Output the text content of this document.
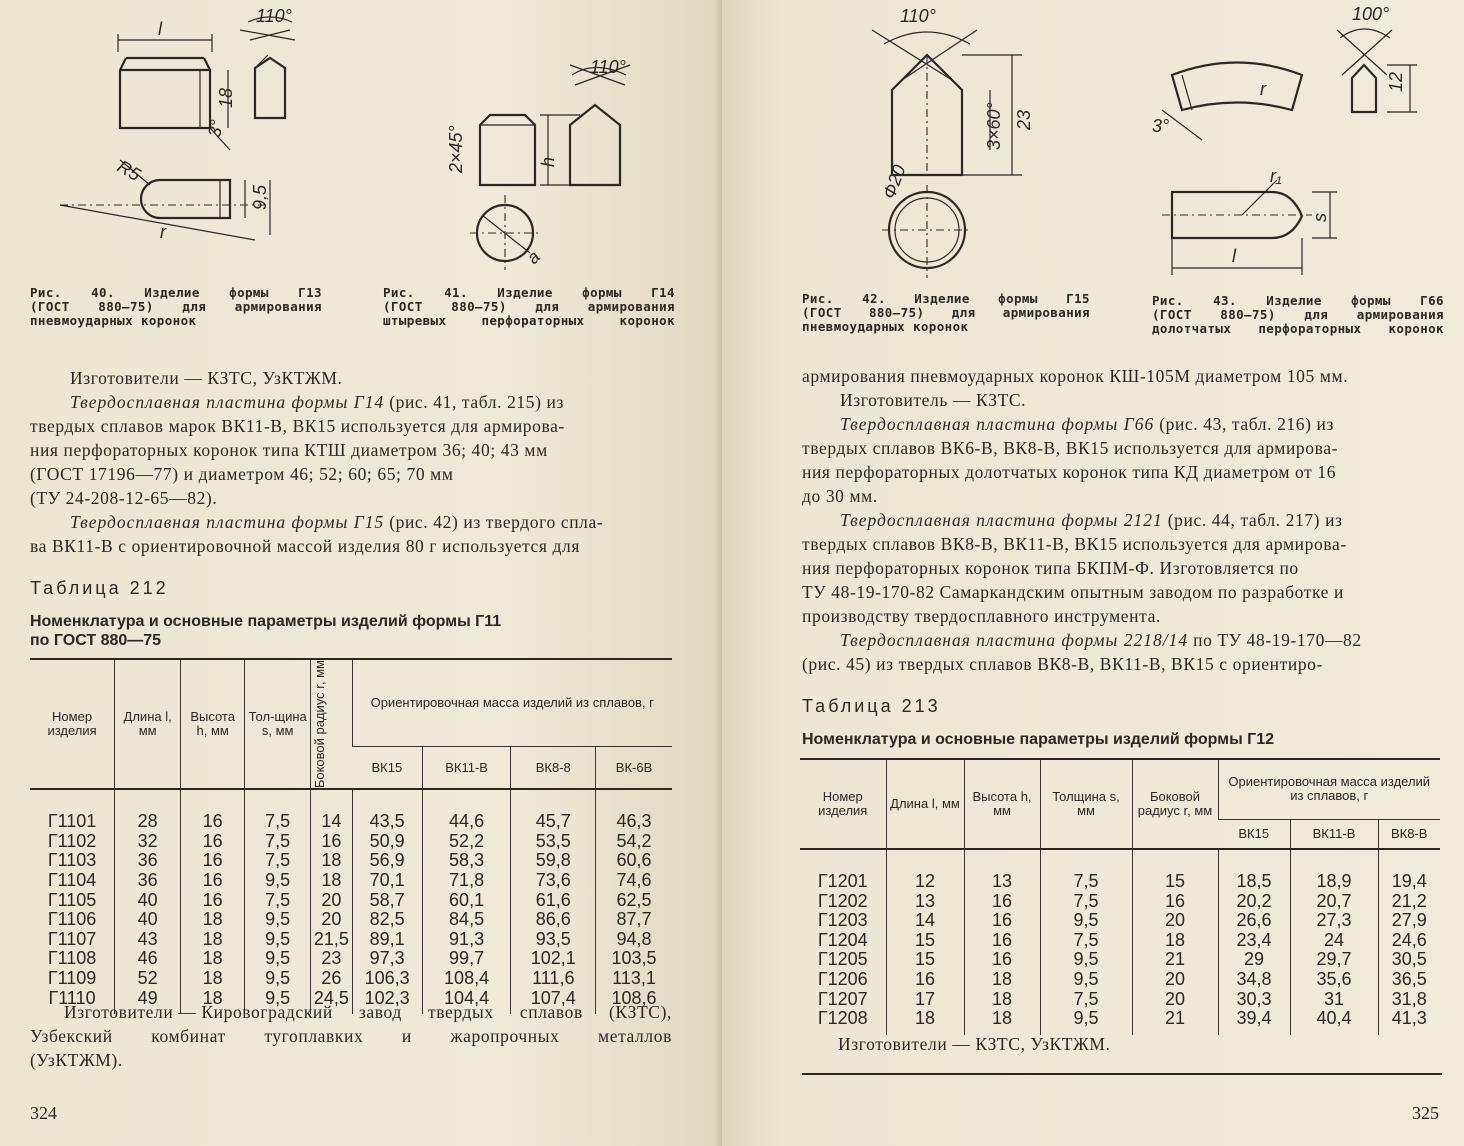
l
110°
18
3°
R5
9,5
r
Рис. 40. Изделие формы Г13
(ГОСТ 880—75) для армирования
пневмоударных коронок
110°
2×45°	h
a
Рис. 41. Изделие формы Г14
(ГОСТ 880—75) для армирования
штыревых	перфораторных	коронок
Изготовители — КЗТС, УзКТЖМ.
Твердосплавная пластина формы Г14 (рис. 41, табл. 215) из
твердых сплавов марок ВК11-В, ВК15 используется для армирова-
ния перфораторных коронок типа КТШ диаметром 36; 40; 43 мм
(ГОСТ 17196—77) и диаметром 46; 52; 60; 65; 70 мм
(ТУ 24-208-12-65—82).
Твердосплавная пластина формы Г15 (рис. 42) из твердого спла-
ва ВК11-В с ориентировочной массой изделия 80 г используется для
Таблица 212
Номенклатура и основные параметры изделий формы Г11
по ГОСТ 880—75
Номер изделия	Длина l, мм	Высота h, мм	Тол-щина s, мм	Боковой радиус r, мм	Ориентировочная масса изделий из сплавов, г			
					ВК15	ВК11-В	ВК8-8	ВК-6В
Г1101	28	16	7,5	14	43,5	44,6	45,7	46,3
Г1102	32	16	7,5	16	50,9	52,2	53,5	54,2
Г1103	36	16	7,5	18	56,9	58,3	59,8	60,6
Г1104	36	16	9,5	18	70,1	71,8	73,6	74,6
Г1105	40	16	7,5	20	58,7	60,1	61,6	62,5
Г1106	40	18	9,5	20	82,5	84,5	86,6	87,7
Г1107	43	18	9,5	21,5	89,1	91,3	93,5	94,8
Г1108	46	18	9,5	23	97,3	99,7	102,1	103,5
Г1109	52	18	9,5	26	106,3	108,4	111,6	113,1
Г1110	49	18	9,5	24,5	102,3	104,4	107,4	108,6
Изготовители — Кировоградский завод твердых сплавов (КЗТС),
Узбекский комбинат тугоплавких и жаропрочных металлов
(УзКТЖМ).
324
110°
3×60° 23
Ф20
Рис. 42. Изделие формы Г15
(ГОСТ 880—75) для армирования
пневмоударных коронок
100°
12
3°
r
r₁
s
l
Рис. 43. Изделие формы Г66
(ГОСТ 880—75) для армирования
долотчатых перфораторных коронок
армирования пневмоударных коронок КШ-105М диаметром 105 мм.
Изготовитель — КЗТС.
Твердосплавная пластина формы Г66 (рис. 43, табл. 216) из
твердых сплавов ВК6-В, ВК8-В, ВК15 используется для армирова-
ния перфораторных долотчатых коронок типа КД диаметром от 16
до 30 мм.
Твердосплавная пластина формы 2121 (рис. 44, табл. 217) из
твердых сплавов ВК8-В, ВК11-В, ВК15 используется для армирова-
ния перфораторных коронок типа БКПМ-Ф. Изготовляется по
ТУ 48-19-170-82 Самаркандским опытным заводом по разработке и
производству твердосплавного инструмента.
Твердосплавная пластина формы 2218/14 по ТУ 48-19-170—82
(рис. 45) из твердых сплавов ВК8-В, ВК11-В, ВК15 с ориентиро-
Таблица 213
Номенклатура и основные параметры изделий формы Г12
Номер изделия	Длина l, мм	Высота h, мм	Толщина s, мм	Боковой радиус r, мм	Ориентировочная масса изделий из сплавов, г		
					ВК15	ВК11-В	ВК8-В
Г1201	12	13	7,5	15	18,5	18,9	19,4
Г1202	13	16	7,5	16	20,2	20,7	21,2
Г1203	14	16	9,5	20	26,6	27,3	27,9
Г1204	15	16	7,5	18	23,4	24	24,6
Г1205	15	16	9,5	21	29	29,7	30,5
Г1206	16	18	9,5	20	34,8	35,6	36,5
Г1207	17	18	7,5	20	30,3	31	31,8
Г1208	18	18	9,5	21	39,4	40,4	41,3
Изготовители — КЗТС, УзКТЖМ.
325
